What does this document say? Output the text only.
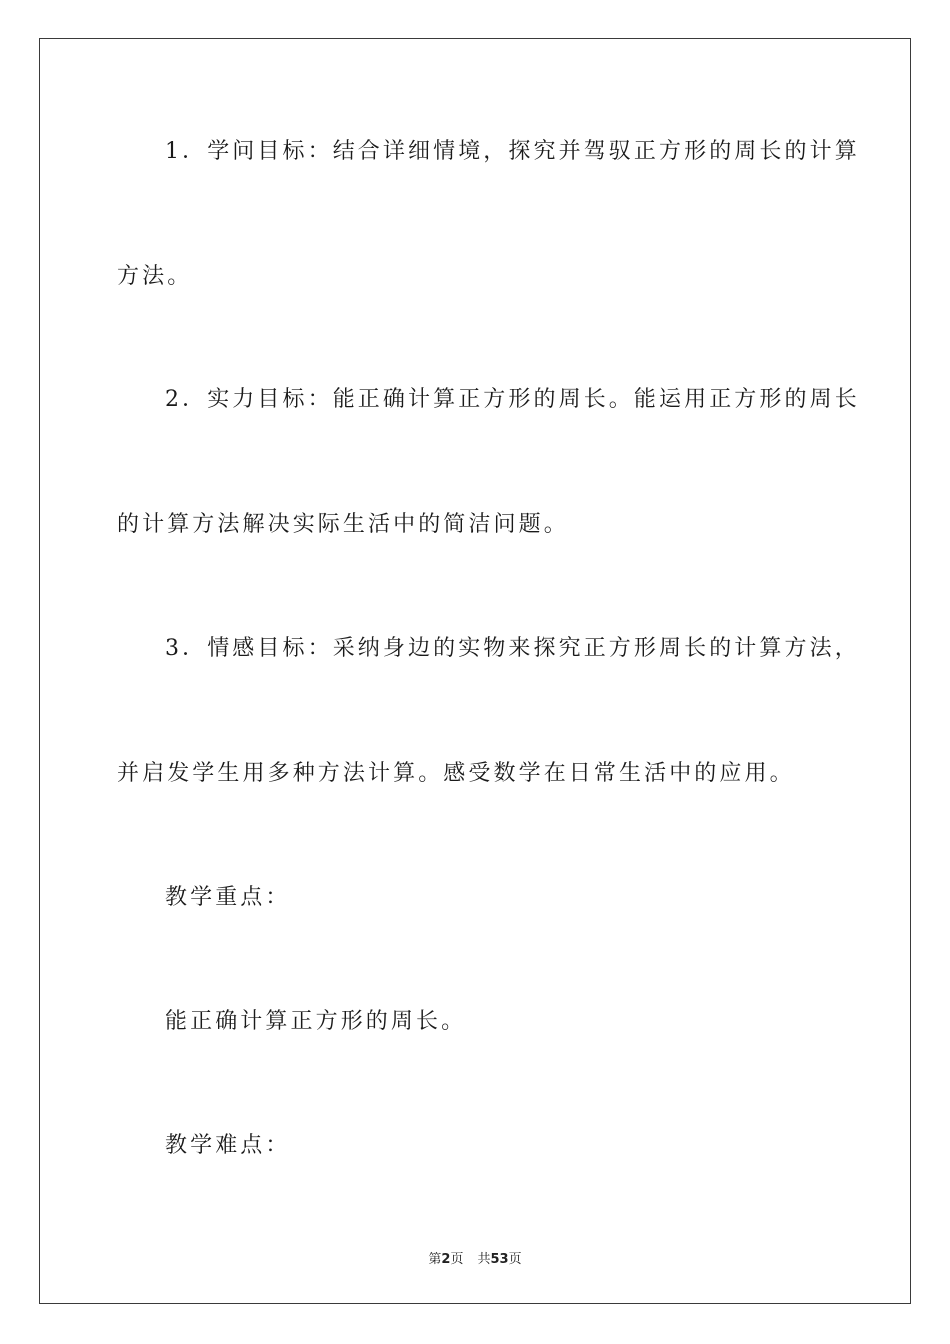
1．学问目标：结合详细情境，探究并驾驭正方形的周长的计算
方法。
2．实力目标：能正确计算正方形的周长。能运用正方形的周长
的计算方法解决实际生活中的简洁问题。
3．情感目标：采纳身边的实物来探究正方形周长的计算方法，
并启发学生用多种方法计算。感受数学在日常生活中的应用。
教学重点：
能正确计算正方形的周长。
教学难点：
第2页 共53页
